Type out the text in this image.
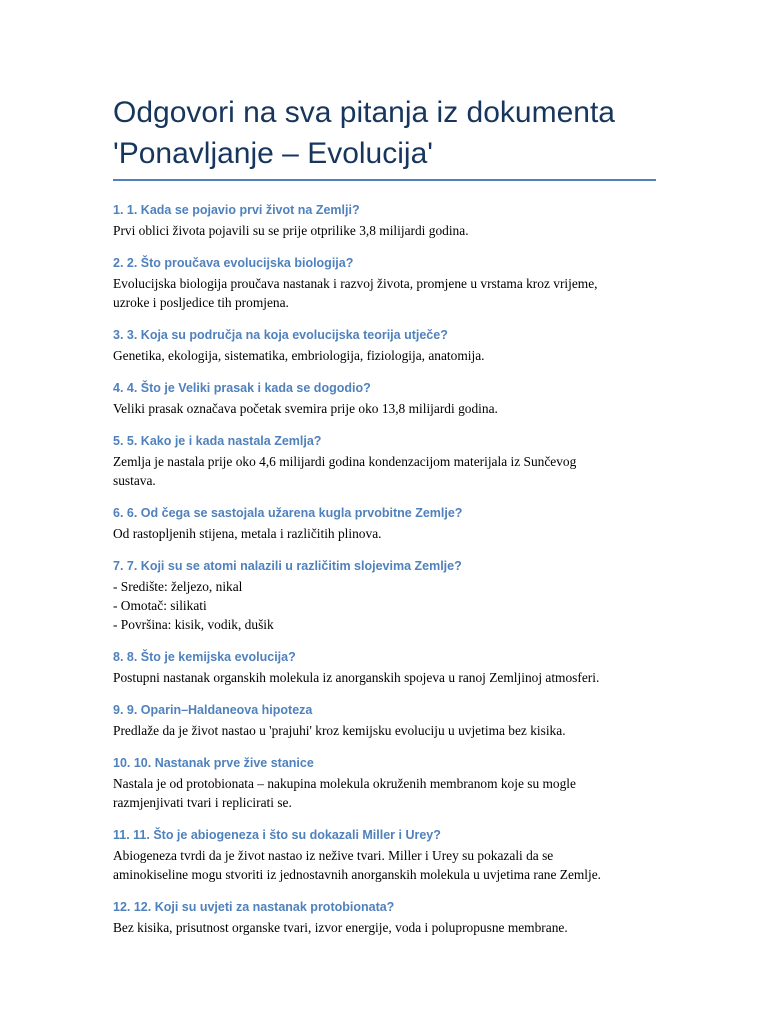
Odgovori na sva pitanja iz dokumenta
'Ponavljanje – Evolucija'
1. 1. Kada se pojavio prvi život na Zemlji?
Prvi oblici života pojavili su se prije otprilike 3,8 milijardi godina.
2. 2. Što proučava evolucijska biologija?
Evolucijska biologija proučava nastanak i razvoj života, promjene u vrstama kroz vrijeme,
uzroke i posljedice tih promjena.
3. 3. Koja su područja na koja evolucijska teorija utječe?
Genetika, ekologija, sistematika, embriologija, fiziologija, anatomija.
4. 4. Što je Veliki prasak i kada se dogodio?
Veliki prasak označava početak svemira prije oko 13,8 milijardi godina.
5. 5. Kako je i kada nastala Zemlja?
Zemlja je nastala prije oko 4,6 milijardi godina kondenzacijom materijala iz Sunčevog
sustava.
6. 6. Od čega se sastojala užarena kugla prvobitne Zemlje?
Od rastopljenih stijena, metala i različitih plinova.
7. 7. Koji su se atomi nalazili u različitim slojevima Zemlje?
- Središte: željezo, nikal
- Omotač: silikati
- Površina: kisik, vodik, dušik
8. 8. Što je kemijska evolucija?
Postupni nastanak organskih molekula iz anorganskih spojeva u ranoj Zemljinoj atmosferi.
9. 9. Oparin–Haldaneova hipoteza
Predlaže da je život nastao u 'prajuhi' kroz kemijsku evoluciju u uvjetima bez kisika.
10. 10. Nastanak prve žive stanice
Nastala je od protobionata – nakupina molekula okruženih membranom koje su mogle
razmjenjivati tvari i replicirati se.
11. 11. Što je abiogeneza i što su dokazali Miller i Urey?
Abiogeneza tvrdi da je život nastao iz nežive tvari. Miller i Urey su pokazali da se
aminokiseline mogu stvoriti iz jednostavnih anorganskih molekula u uvjetima rane Zemlje.
12. 12. Koji su uvjeti za nastanak protobionata?
Bez kisika, prisutnost organske tvari, izvor energije, voda i polupropusne membrane.
